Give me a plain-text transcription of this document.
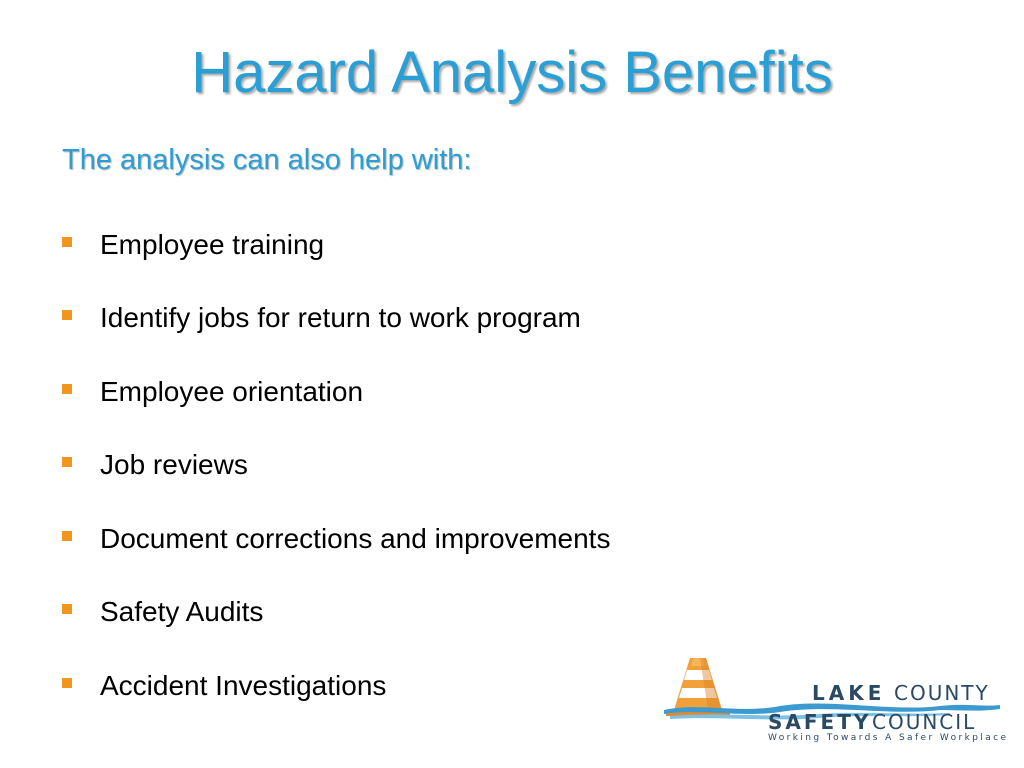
Hazard Analysis Benefits
The analysis can also help with:
Employee training
Identify jobs for return to work program
Employee orientation
Job reviews
Document corrections and improvements
Safety Audits
Accident Investigations	LAKE COUNTY
SAFETY COUNCIL
Working Towards A Safer Workplace
